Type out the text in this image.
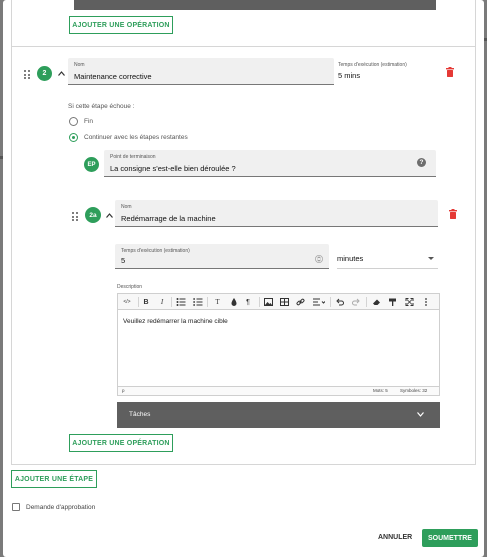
AJOUTER UNE OPÉRATION
2
Nom
Maintenance corrective
Temps d'exécution (estimation)
5 mins
Si cette étape échoue :
Fin
Continuer avec les étapes restantes
EP
Point de terminaison
La consigne s'est-elle bien déroulée ?
?
2a
Nom
Redémarrage de la machine
Temps d'exécution (estimation)
5	minutes
Description
</>	B	I	T	¶
Veuillez redémarrer la machine cible
p	Mots: 5	Symboles: 32
Tâches
AJOUTER UNE OPÉRATION
AJOUTER UNE ÉTAPE
Demande d'approbation
ANNULER	SOUMETTRE
